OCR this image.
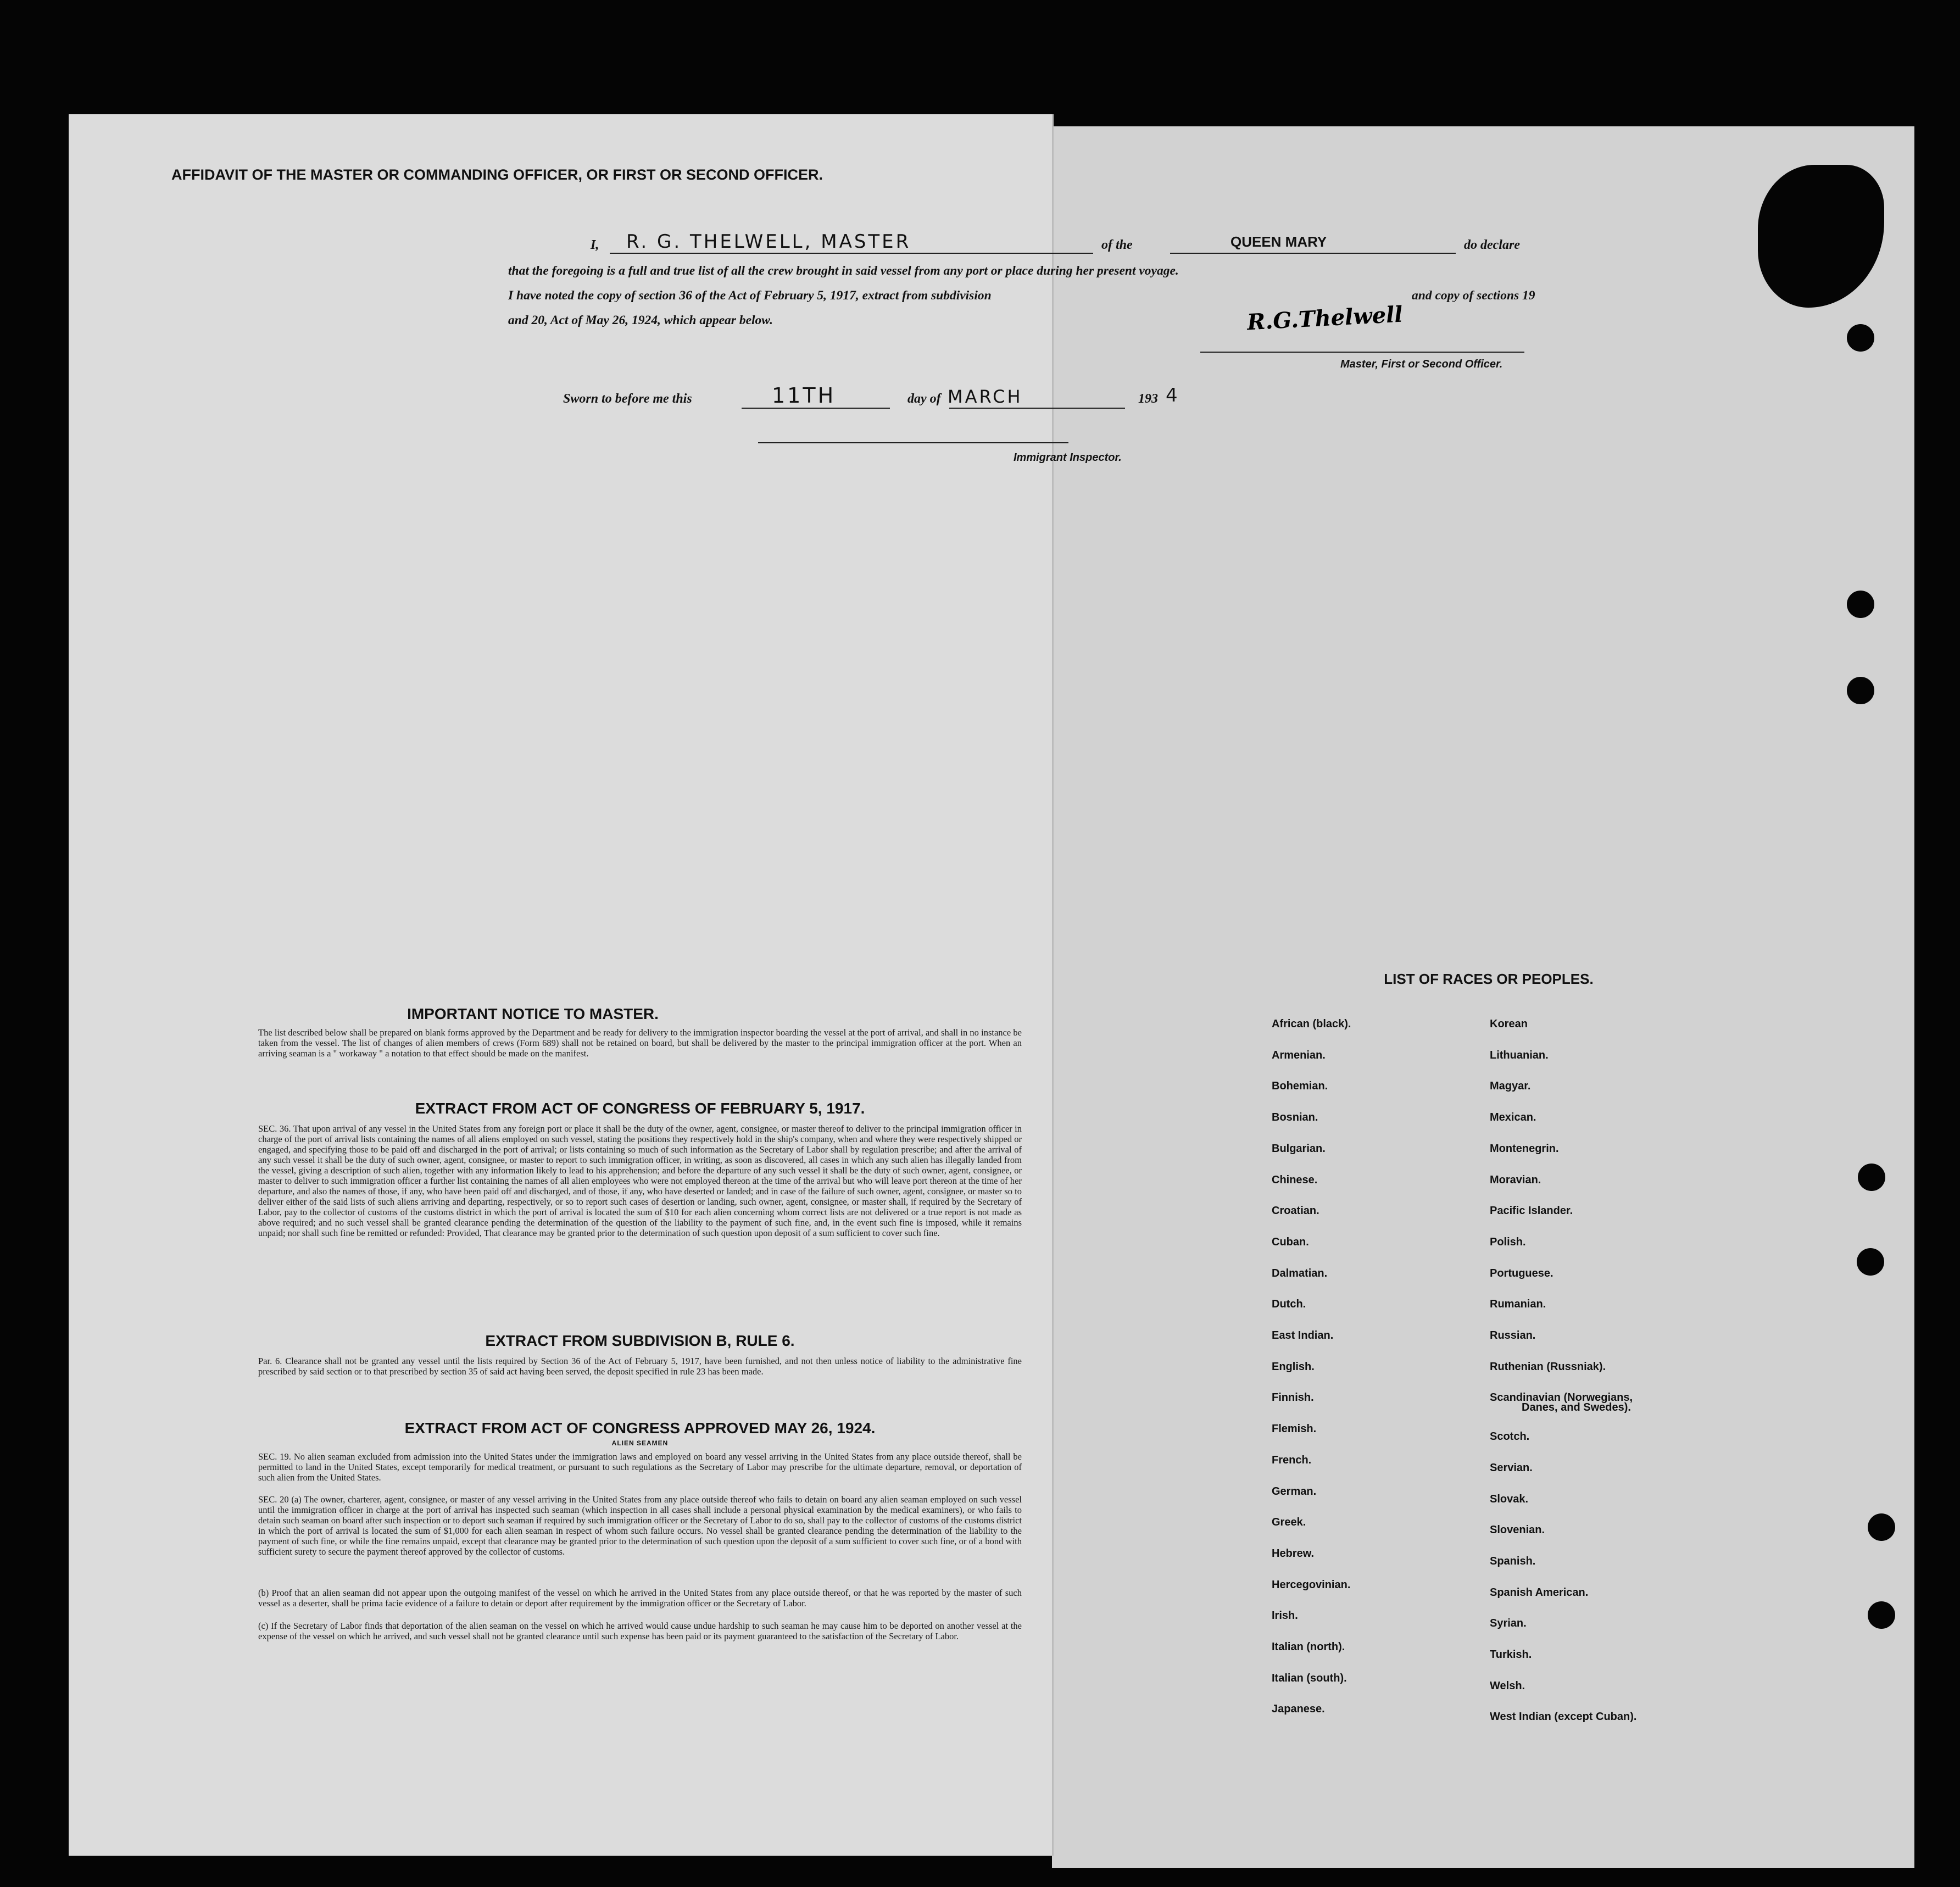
AFFIDAVIT OF THE MASTER OR COMMANDING OFFICER, OR FIRST OR SECOND OFFICER.
of the	QUEEN MARY	do declare
that the foregoing is a full and true list of all the crew brought in said vessel from any port or place during her present voyage.
I have noted the copy of section 36 of the Act of February 5, 1917, extract from subdivision	and copy of sections 19
and 20, Act of May 26, 1924, which appear below.	R.G.Thelwell
Master, First or Second Officer.
Sworn to before me this	11TH	day of MARCH	193 4
Immigrant Inspector.
IMPORTANT NOTICE TO MASTER.
The list described below shall be prepared on blank forms approved by the Department and be ready for delivery to the immigration inspector boarding the vessel at the port of arrival, and shall in no instance be taken from the vessel. The list of changes of alien members of crews (Form 689) shall not be retained on board, but shall be delivered by the master to the principal immigration officer at the port. When an arriving seaman is a " workaway " a notation to that effect should be made on the manifest.
EXTRACT FROM ACT OF CONGRESS OF FEBRUARY 5, 1917.
SEC. 36. That upon arrival of any vessel in the United States from any foreign port or place it shall be the duty of the owner, agent, consignee, or master thereof to deliver to the principal immigration officer in charge of the port of arrival lists containing the names of all aliens employed on such vessel, stating the positions they respectively hold in the ship's company, when and where they were respectively shipped or engaged, and specifying those to be paid off and discharged in the port of arrival; or lists containing so much of such information as the Secretary of Labor shall by regulation prescribe; and after the arrival of any such vessel it shall be the duty of such owner, agent, consignee, or master to report to such immigration officer, in writing, as soon as discovered, all cases in which any such alien has illegally landed from the vessel, giving a description of such alien, together with any information likely to lead to his apprehension; and before the departure of any such vessel it shall be the duty of such owner, agent, consignee, or master to deliver to such immigration officer a further list containing the names of all alien employees who were not employed thereon at the time of the arrival but who will leave port thereon at the time of her departure, and also the names of those, if any, who have been paid off and discharged, and of those, if any, who have deserted or landed; and in case of the failure of such owner, agent, consignee, or master so to deliver either of the said lists of such aliens arriving and departing, respectively, or so to report such cases of desertion or landing, such owner, agent, consignee, or master shall, if required by the Secretary of Labor, pay to the collector of customs of the customs district in which the port of arrival is located the sum of $10 for each alien concerning whom correct lists are not delivered or a true report is not made as above required; and no such vessel shall be granted clearance pending the determination of the question of the liability to the payment of such fine, and, in the event such fine is imposed, while it remains unpaid; nor shall such fine be remitted or refunded: Provided, That clearance may be granted prior to the determination of such question upon deposit of a sum sufficient to cover such fine.
EXTRACT FROM SUBDIVISION B, RULE 6.
Par. 6. Clearance shall not be granted any vessel until the lists required by Section 36 of the Act of February 5, 1917, have been furnished, and not then unless notice of liability to the administrative fine prescribed by said section or to that prescribed by section 35 of said act having been served, the deposit specified in rule 23 has been made.
EXTRACT FROM ACT OF CONGRESS APPROVED MAY 26, 1924.
ALIEN SEAMEN
SEC. 19. No alien seaman excluded from admission into the United States under the immigration laws and employed on board any vessel arriving in the United States from any place outside thereof, shall be permitted to land in the United States, except temporarily for medical treatment, or pursuant to such regulations as the Secretary of Labor may prescribe for the ultimate departure, removal, or deportation of such alien from the United States.
SEC. 20 (a) The owner, charterer, agent, consignee, or master of any vessel arriving in the United States from any place outside thereof who fails to detain on board any alien seaman employed on such vessel until the immigration officer in charge at the port of arrival has inspected such seaman (which inspection in all cases shall include a personal physical examination by the medical examiners), or who fails to detain such seaman on board after such inspection or to deport such seaman if required by such immigration officer or the Secretary of Labor to do so, shall pay to the collector of customs of the customs district in which the port of arrival is located the sum of $1,000 for each alien seaman in respect of whom such failure occurs. No vessel shall be granted clearance pending the determination of the liability to the payment of such fine, or while the fine remains unpaid, except that clearance may be granted prior to the determination of such question upon the deposit of a sum sufficient to cover such fine, or of a bond with sufficient surety to secure the payment thereof approved by the collector of customs.
(b) Proof that an alien seaman did not appear upon the outgoing manifest of the vessel on which he arrived in the United States from any place outside thereof, or that he was reported by the master of such vessel as a deserter, shall be prima facie evidence of a failure to detain or deport after requirement by the immigration officer or the Secretary of Labor.
(c) If the Secretary of Labor finds that deportation of the alien seaman on the vessel on which he arrived would cause undue hardship to such seaman he may cause him to be deported on another vessel at the expense of the vessel on which he arrived, and such vessel shall not be granted clearance until such expense has been paid or its payment guaranteed to the satisfaction of the Secretary of Labor.
LIST OF RACES OR PEOPLES.
African (black).
Armenian.
Bohemian.
Bosnian.
Bulgarian.
Chinese.
Croatian.
Cuban.
Dalmatian.
Dutch.
East Indian.
English.
Finnish.
Flemish.
French.
German.
Greek.
Hebrew.
Hercegovinian.
Irish.
Italian (north).
Italian (south).
Japanese.
Korean
Lithuanian.
Magyar.
Mexican.
Montenegrin.
Moravian.
Pacific Islander.
Polish.
Portuguese.
Rumanian.
Russian.
Ruthenian (Russniak).
Scandinavian (Norwegians,
Scotch.
Servian.
Slovak.
Slovenian.
Spanish.
Spanish American.
Syrian.
Turkish.
Welsh.
West Indian (except Cuban).
Danes, and Swedes).
I, R. G. THELWELL, MASTER
